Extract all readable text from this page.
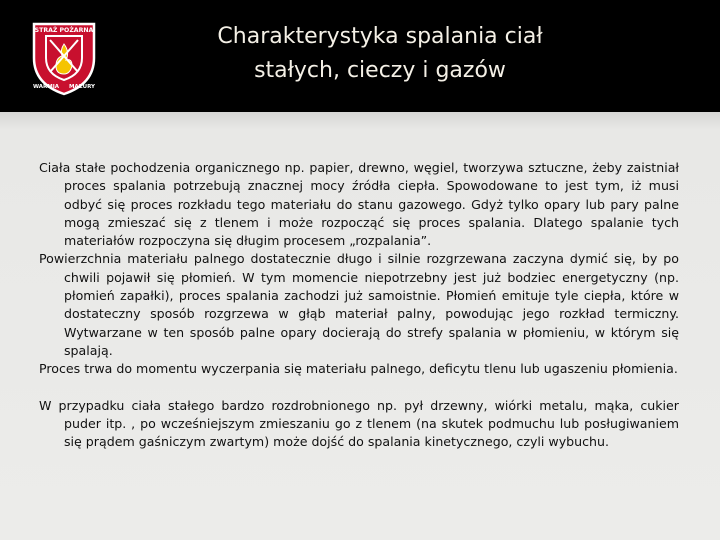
STRAŻ POŻARNA
WARMIA MAZURY
Charakterystyka spalania ciał
stałych, cieczy i gazów

Ciała stałe pochodzenia organicznego np. papier, drewno, węgiel, tworzywa sztuczne, żeby zaistniał proces spalania potrzebują znacznej mocy źródła ciepła. Spowodowane to jest tym, iż musi odbyć się proces rozkładu tego materiału do stanu gazowego. Gdyż tylko opary lub pary palne mogą zmieszać się z tlenem i może rozpocząć się proces spalania. Dlatego spalanie tych materiałów rozpoczyna się długim procesem „rozpalania”.

Powierzchnia materiału palnego dostatecznie długo i silnie rozgrzewana zaczyna dymić się, by po chwili pojawił się płomień. W tym momencie niepotrzebny jest już bodziec energetyczny (np. płomień zapałki), proces spalania zachodzi już samoistnie. Płomień emituje tyle ciepła, które w dostateczny sposób rozgrzewa w głąb materiał palny, powodując jego rozkład termiczny. Wytwarzane w ten sposób palne opary docierają do strefy spalania w płomieniu, w którym się spalają.

Proces trwa do momentu wyczerpania się materiału palnego, deficytu tlenu lub ugaszeniu płomienia.

W przypadku ciała stałego bardzo rozdrobnionego np. pył drzewny, wiórki metalu, mąka, cukier puder itp. , po wcześniejszym zmieszaniu go z tlenem (na skutek podmuchu lub posługiwaniem się prądem gaśniczym zwartym) może dojść do spalania kinetycznego, czyli wybuchu.
